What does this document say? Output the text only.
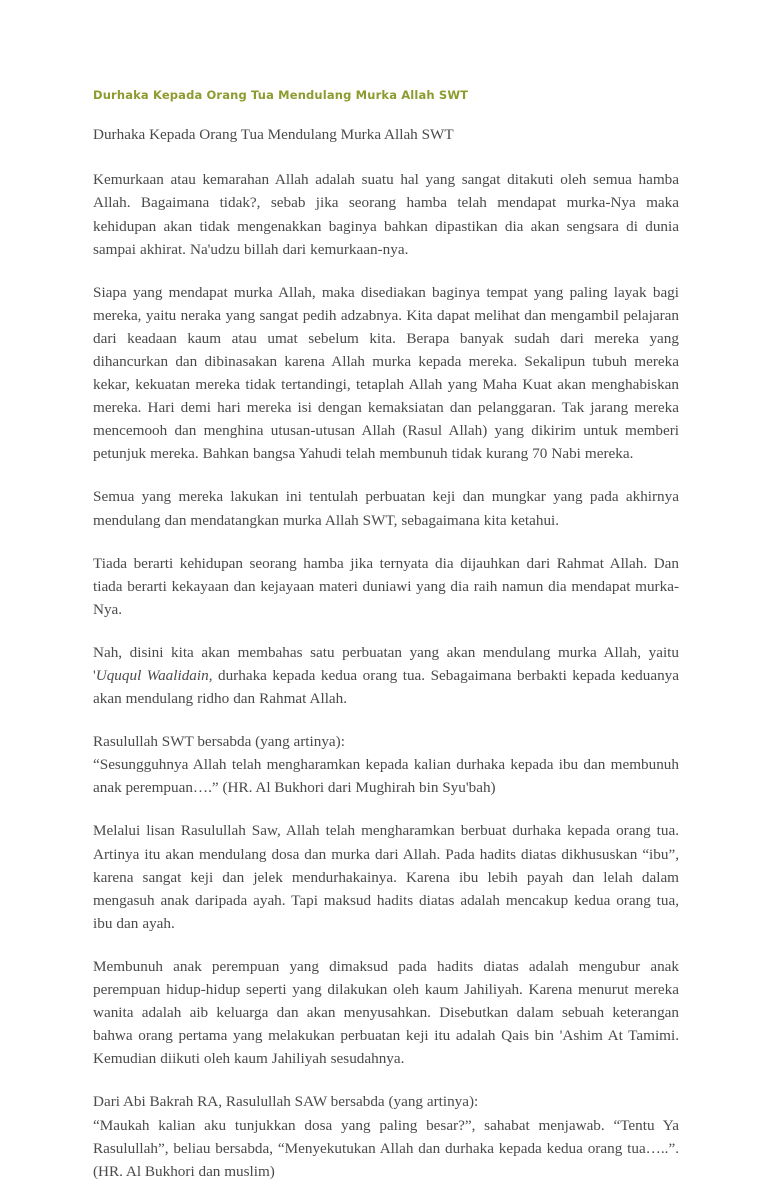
Durhaka Kepada Orang Tua Mendulang Murka Allah SWT
Durhaka Kepada Orang Tua Mendulang Murka Allah SWT

Kemurkaan atau kemarahan Allah adalah suatu hal yang sangat ditakuti oleh semua hamba Allah. Bagaimana tidak?, sebab jika seorang hamba telah mendapat murka-Nya maka kehidupan akan tidak mengenakkan baginya bahkan dipastikan dia akan sengsara di dunia sampai akhirat. Na'udzu billah dari kemurkaan-nya.

Siapa yang mendapat murka Allah, maka disediakan baginya tempat yang paling layak bagi mereka, yaitu neraka yang sangat pedih adzabnya. Kita dapat melihat dan mengambil pelajaran dari keadaan kaum atau umat sebelum kita. Berapa banyak sudah dari mereka yang dihancurkan dan dibinasakan karena Allah murka kepada mereka. Sekalipun tubuh mereka kekar, kekuatan mereka tidak tertandingi, tetaplah Allah yang Maha Kuat akan menghabiskan mereka. Hari demi hari mereka isi dengan kemaksiatan dan pelanggaran. Tak jarang mereka mencemooh dan menghina utusan-utusan Allah (Rasul Allah) yang dikirim untuk memberi petunjuk mereka. Bahkan bangsa Yahudi telah membunuh tidak kurang 70 Nabi mereka.

Semua yang mereka lakukan ini tentulah perbuatan keji dan mungkar yang pada akhirnya mendulang dan mendatangkan murka Allah SWT, sebagaimana kita ketahui.

Tiada berarti kehidupan seorang hamba jika ternyata dia dijauhkan dari Rahmat Allah. Dan tiada berarti kekayaan dan kejayaan materi duniawi yang dia raih namun dia mendapat murka-Nya.

Nah, disini kita akan membahas satu perbuatan yang akan mendulang murka Allah, yaitu 'Uququl Waalidain, durhaka kepada kedua orang tua. Sebagaimana berbakti kepada keduanya akan mendulang ridho dan Rahmat Allah.

Rasulullah SWT bersabda (yang artinya):
“Sesungguhnya Allah telah mengharamkan kepada kalian durhaka kepada ibu dan membunuh anak perempuan….” (HR. Al Bukhori dari Mughirah bin Syu'bah)

Melalui lisan Rasulullah Saw, Allah telah mengharamkan berbuat durhaka kepada orang tua. Artinya itu akan mendulang dosa dan murka dari Allah. Pada hadits diatas dikhususkan “ibu”, karena sangat keji dan jelek mendurhakainya. Karena ibu lebih payah dan lelah dalam mengasuh anak daripada ayah. Tapi maksud hadits diatas adalah mencakup kedua orang tua, ibu dan ayah.

Membunuh anak perempuan yang dimaksud pada hadits diatas adalah mengubur anak perempuan hidup-hidup seperti yang dilakukan oleh kaum Jahiliyah. Karena menurut mereka wanita adalah aib keluarga dan akan menyusahkan. Disebutkan dalam sebuah keterangan bahwa orang pertama yang melakukan perbuatan keji itu adalah Qais bin 'Ashim At Tamimi. Kemudian diikuti oleh kaum Jahiliyah sesudahnya.

Dari Abi Bakrah RA, Rasulullah SAW bersabda (yang artinya):
“Maukah kalian aku tunjukkan dosa yang paling besar?”, sahabat menjawab. “Tentu Ya Rasulullah”, beliau bersabda, “Menyekutukan Allah dan durhaka kepada kedua orang tua…..”. (HR. Al Bukhori dan muslim)
